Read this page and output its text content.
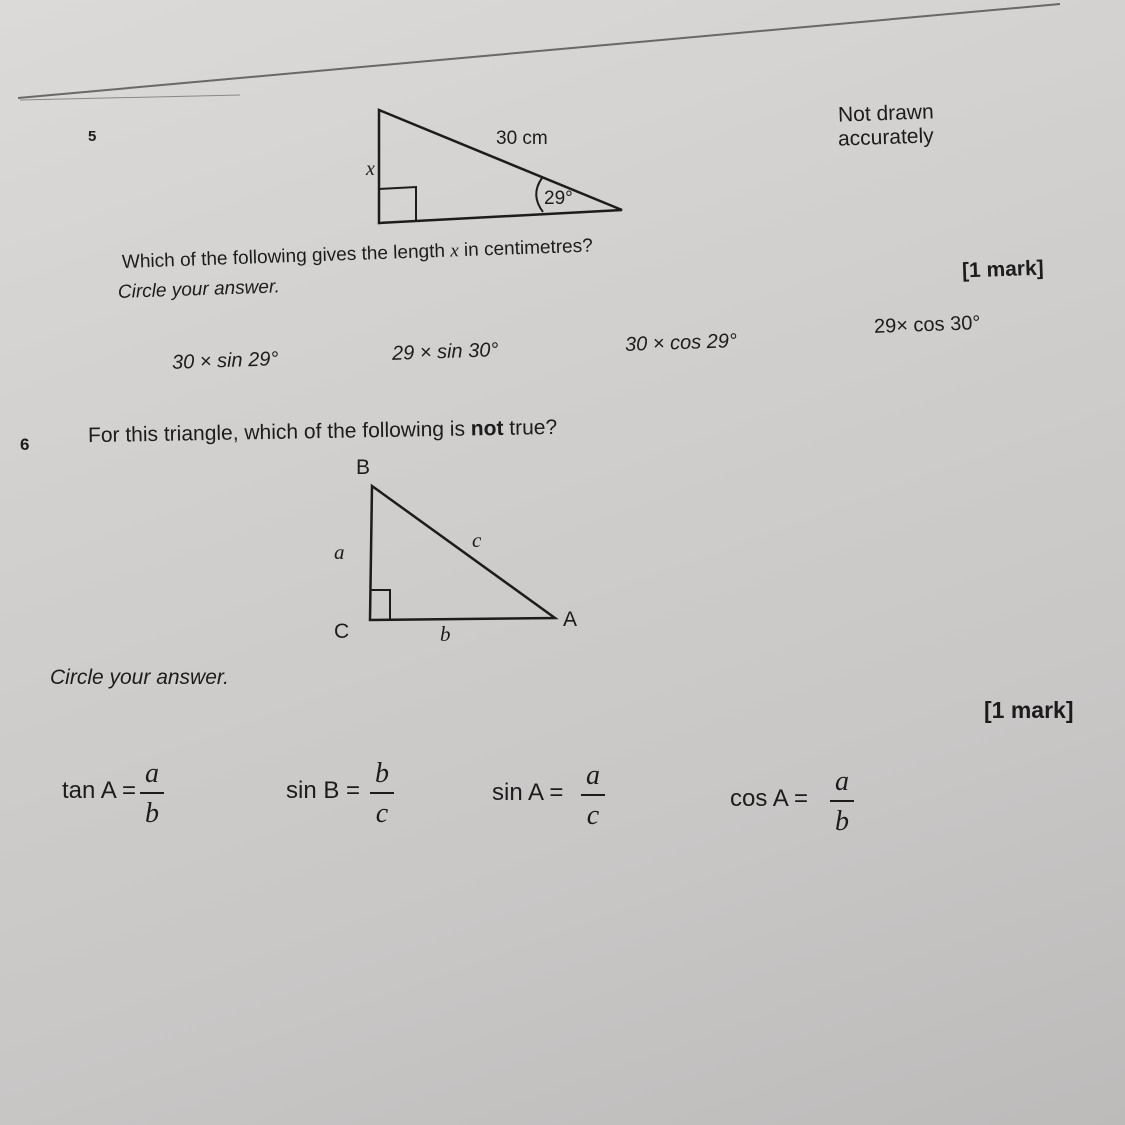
5	30 cm
x
29°
Not drawn
accurately
Which of the following gives the length x in centimetres?
Circle your answer.
[1 mark]
30 × sin 29°	29 × sin 30°	30 × cos 29°
29× cos 30°
6	For this triangle, which of the following is not true?
B
C
A
a
b
c
Circle your answer.
[1 mark]
tan A =
a
b
sin B =
b
c
sin A =
a
c
cos A =
a
b
